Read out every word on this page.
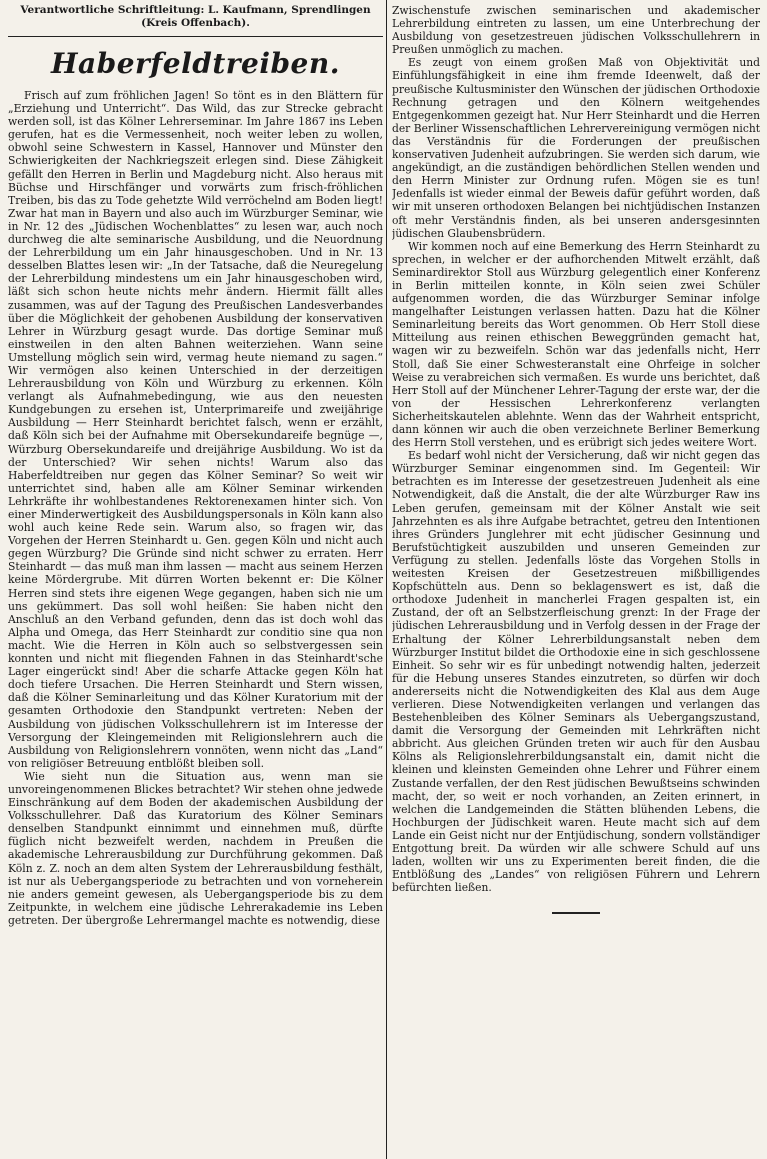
Verantwortliche Schriftleitung: L. Kaufmann, Sprendlingen (Kreis Offenbach).
Haberfeldtreiben.

Frisch auf zum fröhlichen Jagen! So tönt es in den Blättern für „Erziehung und Unterricht“. Das Wild, das zur Strecke gebracht werden soll, ist das Kölner Lehrerseminar. Im Jahre 1867 ins Leben gerufen, hat es die Vermessenheit, noch weiter leben zu wollen, obwohl seine Schwestern in Kassel, Hannover und Münster den Schwierigkeiten der Nachkriegszeit erlegen sind. Diese Zähigkeit gefällt den Herren in Berlin und Magdeburg nicht. Also heraus mit Büchse und Hirschfänger und vorwärts zum frisch-fröhlichen Treiben, bis das zu Tode gehetzte Wild verröchelnd am Boden liegt! Zwar hat man in Bayern und also auch im Würzburger Seminar, wie in Nr. 12 des „Jüdischen Wochenblattes“ zu lesen war, auch noch durchweg die alte seminarische Ausbildung, und die Neuordnung der Lehrerbildung um ein Jahr hinausgeschoben. Und in Nr. 13 desselben Blattes lesen wir: „In der Tatsache, daß die Neuregelung der Lehrerbildung mindestens um ein Jahr hinausgeschoben wird, läßt sich schon heute nichts mehr ändern. Hiermit fällt alles zusammen, was auf der Tagung des Preußischen Landesverbandes über die Möglichkeit der gehobenen Ausbildung der konservativen Lehrer in Würzburg gesagt wurde. Das dortige Seminar muß einstweilen in den alten Bahnen weiterziehen. Wann seine Umstellung möglich sein wird, vermag heute niemand zu sagen.“ Wir vermögen also keinen Unterschied in der derzeitigen Lehrerausbildung von Köln und Würzburg zu erkennen. Köln verlangt als Aufnahmebedingung, wie aus den neuesten Kundgebungen zu ersehen ist, Unterprimareife und zweijährige Ausbildung — Herr Steinhardt berichtet falsch, wenn er erzählt, daß Köln sich bei der Aufnahme mit Obersekundareife begnüge —, Würzburg Obersekundareife und dreijährige Ausbildung. Wo ist da der Unterschied? Wir sehen nichts! Warum also das Haberfeldtreiben nur gegen das Kölner Seminar? So weit wir unterrichtet sind, haben alle am Kölner Seminar wirkenden Lehrkräfte ihr wohlbestandenes Rektorenexamen hinter sich. Von einer Minderwertigkeit des Ausbildungspersonals in Köln kann also wohl auch keine Rede sein. Warum also, so fragen wir, das Vorgehen der Herren Steinhardt u. Gen. gegen Köln und nicht auch gegen Würzburg? Die Gründe sind nicht schwer zu erraten. Herr Steinhardt — das muß man ihm lassen — macht aus seinem Herzen keine Mördergrube. Mit dürren Worten bekennt er: Die Kölner Herren sind stets ihre eigenen Wege gegangen, haben sich nie um uns gekümmert. Das soll wohl heißen: Sie haben nicht den Anschluß an den Verband gefunden, denn das ist doch wohl das Alpha und Omega, das Herr Steinhardt zur conditio sine qua non macht. Wie die Herren in Köln auch so selbstvergessen sein konnten und nicht mit fliegenden Fahnen in das Steinhardt'sche Lager eingerückt sind! Aber die scharfe Attacke gegen Köln hat doch tiefere Ursachen. Die Herren Steinhardt und Stern wissen, daß die Kölner Seminarleitung und das Kölner Kuratorium mit der gesamten Orthodoxie den Standpunkt vertreten: Neben der Ausbildung von jüdischen Volksschullehrern ist im Interesse der Versorgung der Kleingemeinden mit Religionslehrern auch die Ausbildung von Religionslehrern vonnöten, wenn nicht das „Land“ von religiöser Betreuung entblößt bleiben soll.

Wie sieht nun die Situation aus, wenn man sie unvoreingenommenen Blickes betrachtet? Wir stehen ohne jedwede Einschränkung auf dem Boden der akademischen Ausbildung der Volksschullehrer. Daß das Kuratorium des Kölner Seminars denselben Standpunkt einnimmt und einnehmen muß, dürfte füglich nicht bezweifelt werden, nachdem in Preußen die akademische Lehrerausbildung zur Durchführung gekommen. Daß Köln z. Z. noch an dem alten System der Lehrerausbildung festhält, ist nur als Uebergangsperiode zu betrachten und von vorneherein nie anders gemeint gewesen, als Uebergangsperiode bis zu dem Zeitpunkte, in welchem eine jüdische Lehrerakademie ins Leben getreten. Der übergroße Lehrermangel machte es notwendig, diese

Zwischenstufe zwischen seminarischen und akademischer Lehrerbildung eintreten zu lassen, um eine Unterbrechung der Ausbildung von gesetzestreuen jüdischen Volksschullehrern in Preußen unmöglich zu machen.

Es zeugt von einem großen Maß von Objektivität und Einfühlungsfähigkeit in eine ihm fremde Ideenwelt, daß der preußische Kultusminister den Wünschen der jüdischen Orthodoxie Rechnung getragen und den Kölnern weitgehendes Entgegenkommen gezeigt hat. Nur Herr Steinhardt und die Herren der Berliner Wissenschaftlichen Lehrervereinigung vermögen nicht das Verständnis für die Forderungen der preußischen konservativen Judenheit aufzubringen. Sie werden sich darum, wie angekündigt, an die zuständigen behördlichen Stellen wenden und den Herrn Minister zur Ordnung rufen. Mögen sie es tun! Jedenfalls ist wieder einmal der Beweis dafür geführt worden, daß wir mit unseren orthodoxen Belangen bei nichtjüdischen Instanzen oft mehr Verständnis finden, als bei unseren andersgesinnten jüdischen Glaubensbrüdern.

Wir kommen noch auf eine Bemerkung des Herrn Steinhardt zu sprechen, in welcher er der aufhorchenden Mitwelt erzählt, daß Seminardirektor Stoll aus Würzburg gelegentlich einer Konferenz in Berlin mitteilen konnte, in Köln seien zwei Schüler aufgenommen worden, die das Würzburger Seminar infolge mangelhafter Leistungen verlassen hatten. Dazu hat die Kölner Seminarleitung bereits das Wort genommen. Ob Herr Stoll diese Mitteilung aus reinen ethischen Beweggründen gemacht hat, wagen wir zu bezweifeln. Schön war das jedenfalls nicht, Herr Stoll, daß Sie einer Schwesteranstalt eine Ohrfeige in solcher Weise zu verabreichen sich vermaßen. Es wurde uns berichtet, daß Herr Stoll auf der Münchener Lehrer-Tagung der erste war, der die von der Hessischen Lehrerkonferenz verlangten Sicherheitskautelen ablehnte. Wenn das der Wahrheit entspricht, dann können wir auch die oben verzeichnete Berliner Bemerkung des Herrn Stoll verstehen, und es erübrigt sich jedes weitere Wort.

Es bedarf wohl nicht der Versicherung, daß wir nicht gegen das Würzburger Seminar eingenommen sind. Im Gegenteil: Wir betrachten es im Interesse der gesetzestreuen Judenheit als eine Notwendigkeit, daß die Anstalt, die der alte Würzburger Raw ins Leben gerufen, gemeinsam mit der Kölner Anstalt wie seit Jahrzehnten es als ihre Aufgabe betrachtet, getreu den Intentionen ihres Gründers Junglehrer mit echt jüdischer Gesinnung und Berufstüchtigkeit auszubilden und unseren Gemeinden zur Verfügung zu stellen. Jedenfalls löste das Vorgehen Stolls in weitesten Kreisen der Gesetzestreuen mißbilligendes Kopfschütteln aus. Denn so beklagenswert es ist, daß die orthodoxe Judenheit in mancherlei Fragen gespalten ist, ein Zustand, der oft an Selbstzerfleischung grenzt: In der Frage der jüdischen Lehrerausbildung und in Verfolg dessen in der Frage der Erhaltung der Kölner Lehrerbildungsanstalt neben dem Würzburger Institut bildet die Orthodoxie eine in sich geschlossene Einheit. So sehr wir es für unbedingt notwendig halten, jederzeit für die Hebung unseres Standes einzutreten, so dürfen wir doch andererseits nicht die Notwendigkeiten des Klal aus dem Auge verlieren. Diese Notwendigkeiten verlangen und verlangen das Bestehenbleiben des Kölner Seminars als Uebergangszustand, damit die Versorgung der Gemeinden mit Lehrkräften nicht abbricht. Aus gleichen Gründen treten wir auch für den Ausbau Kölns als Religionslehrerbildungsanstalt ein, damit nicht die kleinen und kleinsten Gemeinden ohne Lehrer und Führer einem Zustande verfallen, der den Rest jüdischen Bewußtseins schwinden macht, der, so weit er noch vorhanden, an Zeiten erinnert, in welchen die Landgemeinden die Stätten blühenden Lebens, die Hochburgen der Jüdischkeit waren. Heute macht sich auf dem Lande ein Geist nicht nur der Entjüdischung, sondern vollständiger Entgottung breit. Da würden wir alle schwere Schuld auf uns laden, wollten wir uns zu Experimenten bereit finden, die die Entblößung des „Landes“ von religiösen Führern und Lehrern befürchten ließen.
